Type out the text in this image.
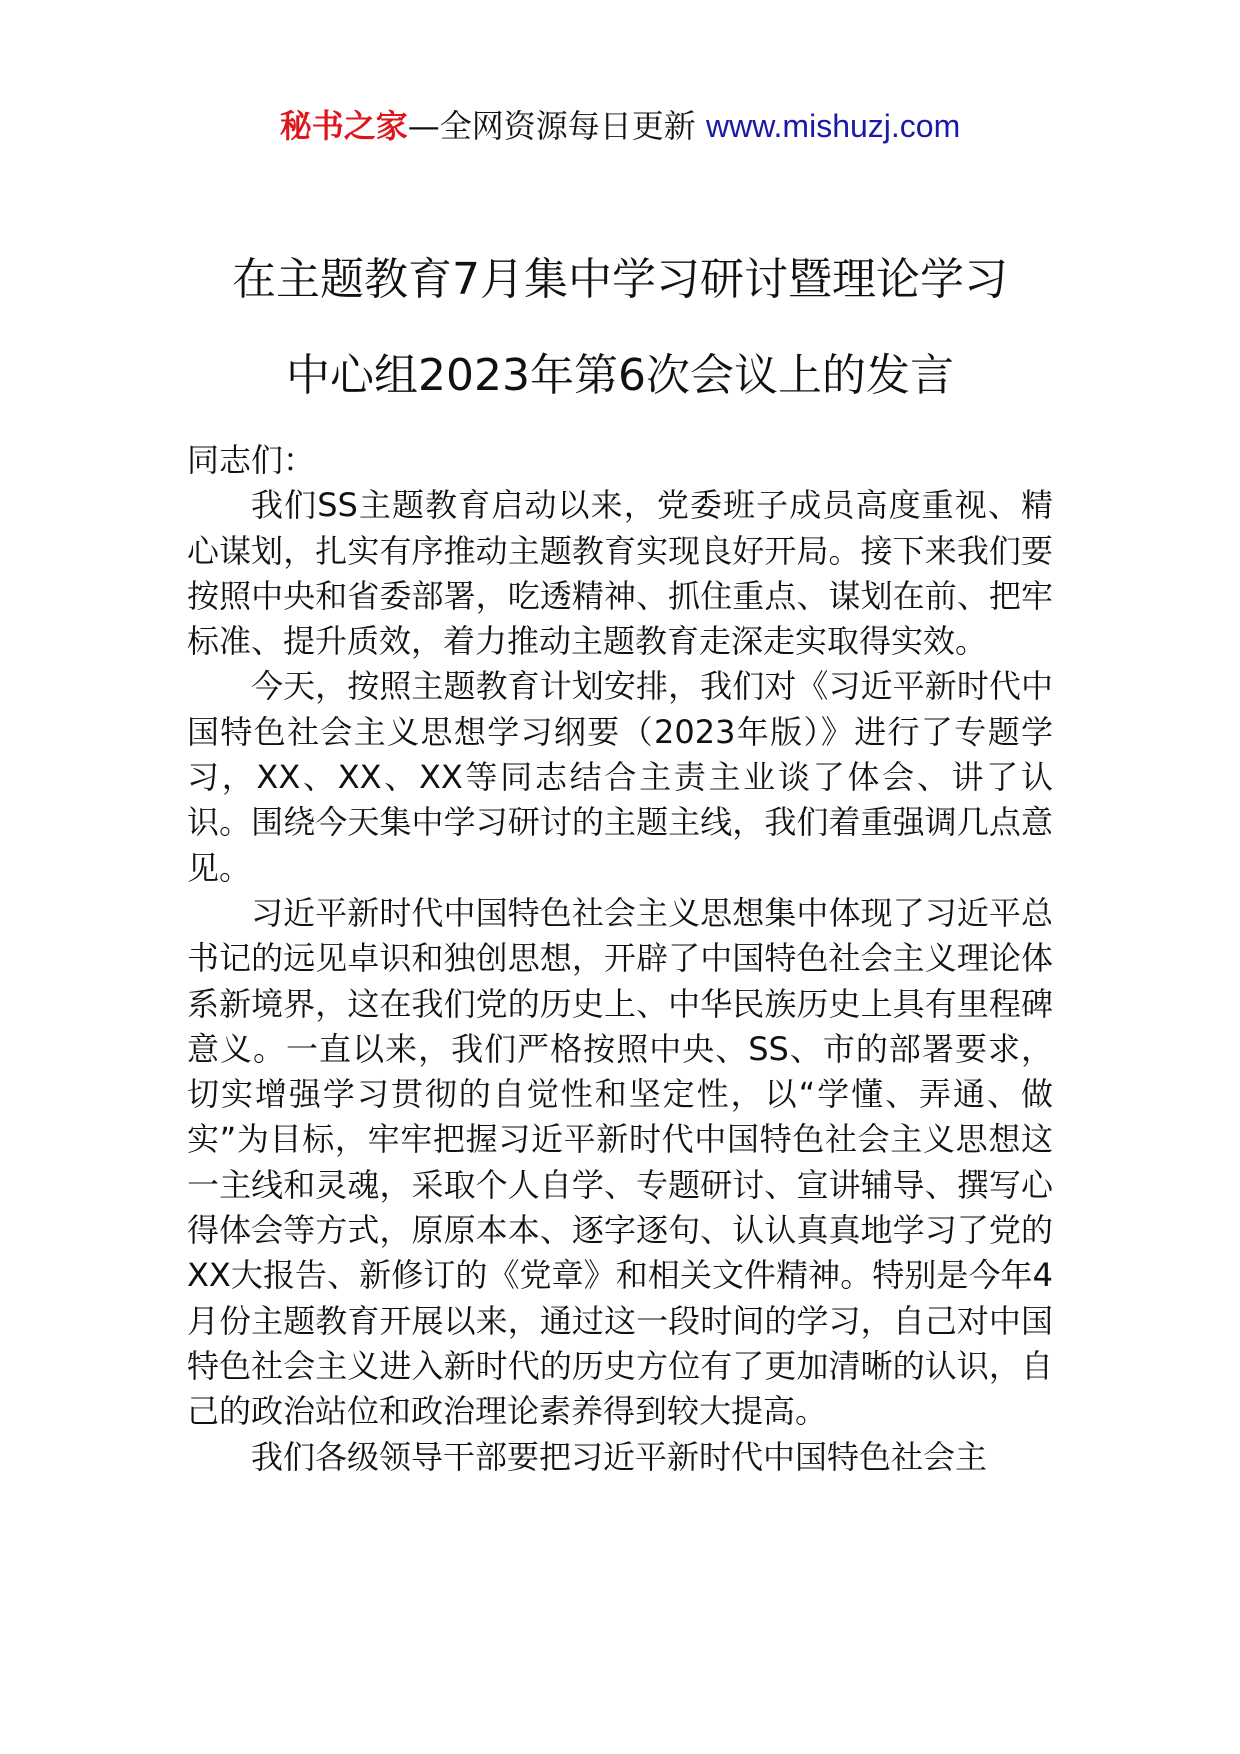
秘书之家—全网资源每日更新 www.mishuzj.com
在主题教育7月集中学习研讨暨理论学习
中心组2023年第6次会议上的发言

同志们：

我们SS主题教育启动以来，党委班子成员高度重视、精心谋划，扎实有序推动主题教育实现良好开局。接下来我们要按照中央和省委部署，吃透精神、抓住重点、谋划在前、把牢标准、提升质效，着力推动主题教育走深走实取得实效。

今天，按照主题教育计划安排，我们对《习近平新时代中国特色社会主义思想学习纲要（2023年版）》进行了专题学习，XX、XX、XX等同志结合主责主业谈了体会、讲了认识。围绕今天集中学习研讨的主题主线，我们着重强调几点意见。

习近平新时代中国特色社会主义思想集中体现了习近平总书记的远见卓识和独创思想，开辟了中国特色社会主义理论体系新境界，这在我们党的历史上、中华民族历史上具有里程碑意义。一直以来，我们严格按照中央、SS、市的部署要求，切实增强学习贯彻的自觉性和坚定性，以“学懂、弄通、做实”为目标，牢牢把握习近平新时代中国特色社会主义思想这一主线和灵魂，采取个人自学、专题研讨、宣讲辅导、撰写心得体会等方式，原原本本、逐字逐句、认认真真地学习了党的XX大报告、新修订的《党章》和相关文件精神。特别是今年4月份主题教育开展以来，通过这一段时间的学习，自己对中国特色社会主义进入新时代的历史方位有了更加清晰的认识，自己的政治站位和政治理论素养得到较大提高。

我们各级领导干部要把习近平新时代中国特色社会主
